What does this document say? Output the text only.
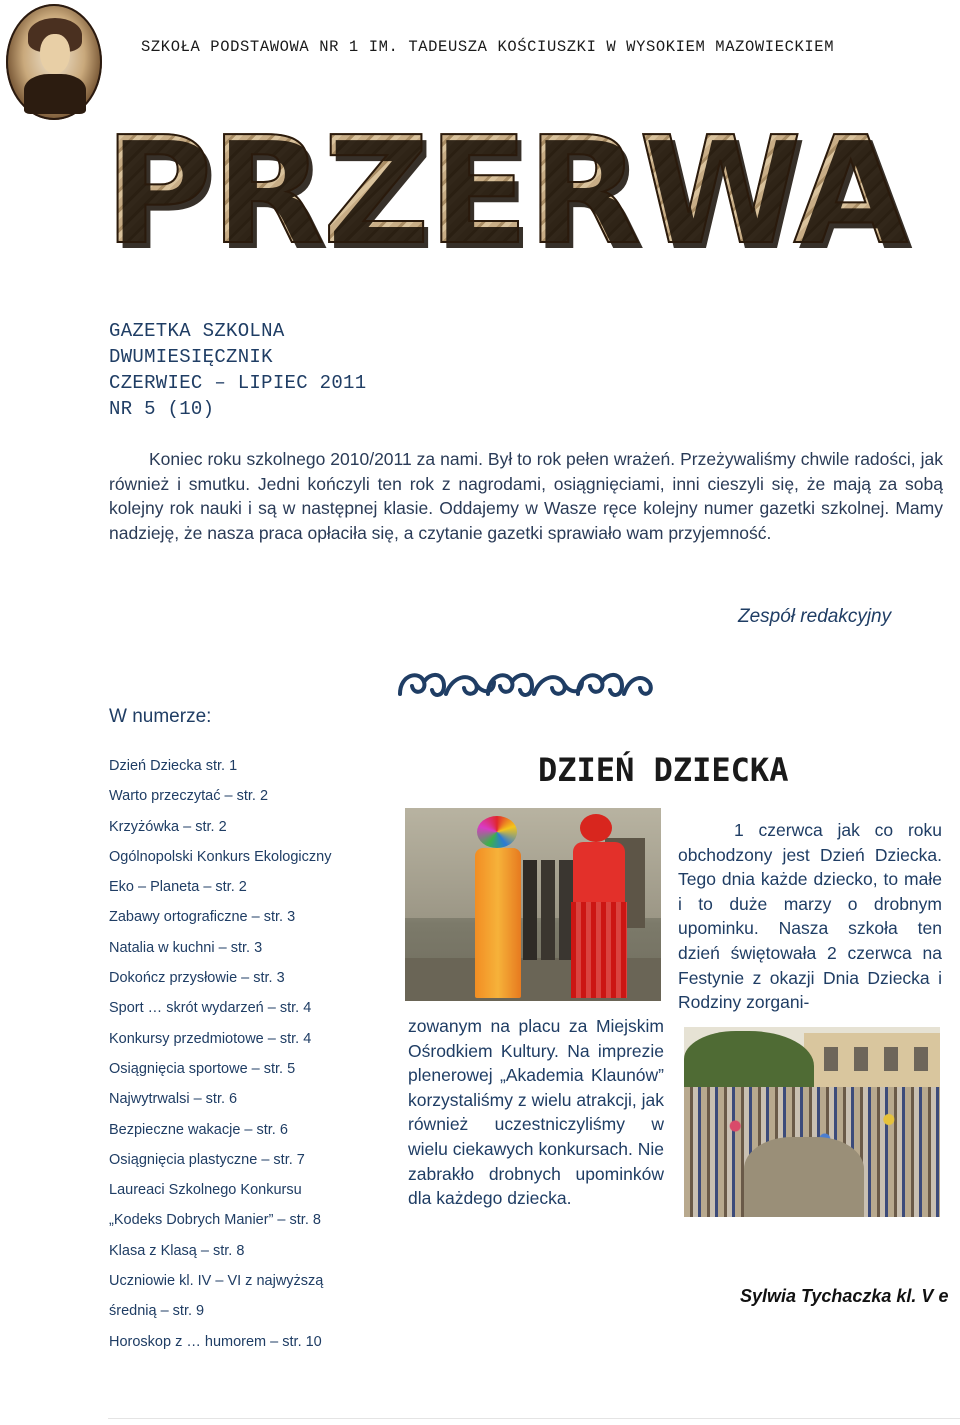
SZKOŁA PODSTAWOWA NR 1 IM. TADEUSZA KOŚCIUSZKI W WYSOKIEM MAZOWIECKIEM
PRZERWA
GAZETKA SZKOLNA
DWUMIESIĘCZNIK
CZERWIEC – LIPIEC 2011
NR 5 (10)
Koniec roku szkolnego 2010/2011 za nami. Był to rok pełen wrażeń. Przeżywaliśmy chwile radości, jak również i smutku. Jedni kończyli ten rok z nagrodami, osiągnięciami, inni cieszyli się, że mają za sobą kolejny rok nauki i są w następnej klasie. Oddajemy w Wasze ręce kolejny numer gazetki szkolnej. Mamy nadzieję, że nasza praca opłaciła się, a czytanie gazetki sprawiało wam przyjemność.
Zespół redakcyjny
W numerze:
Dzień Dziecka str. 1
Warto przeczytać – str. 2
Krzyżówka – str. 2
Ogólnopolski Konkurs Ekologiczny
Eko – Planeta – str. 2
Zabawy ortograficzne – str. 3
Natalia w kuchni – str. 3
Dokończ przysłowie – str. 3
Sport … skrót wydarzeń – str. 4
Konkursy przedmiotowe – str. 4
Osiągnięcia sportowe – str. 5
Najwytrwalsi – str. 6
Bezpieczne wakacje – str. 6
Osiągnięcia plastyczne – str. 7
Laureaci Szkolnego Konkursu
„Kodeks Dobrych Manier” – str. 8
Klasa z Klasą – str. 8
Uczniowie kl. IV – VI z najwyższą
średnią – str. 9
Horoskop z … humorem – str. 10
DZIEŃ DZIECKA
1 czerwca jak co roku obchodzony jest Dzień Dziecka. Tego dnia każde dziecko, to małe i to duże marzy o drobnym upominku. Nasza szkoła ten dzień świętowała 2 czerwca na Festynie z okazji Dnia Dziecka i Rodziny zorgani-
zowanym na placu za Miejskim Ośrodkiem Kultury. Na imprezie plenerowej „Akademia Klaunów” korzystaliśmy z wielu atrakcji, jak również uczestniczyliśmy w wielu ciekawych konkursach. Nie zabrakło drobnych upominków dla każdego dziecka.
Sylwia Tychaczka kl. V e
